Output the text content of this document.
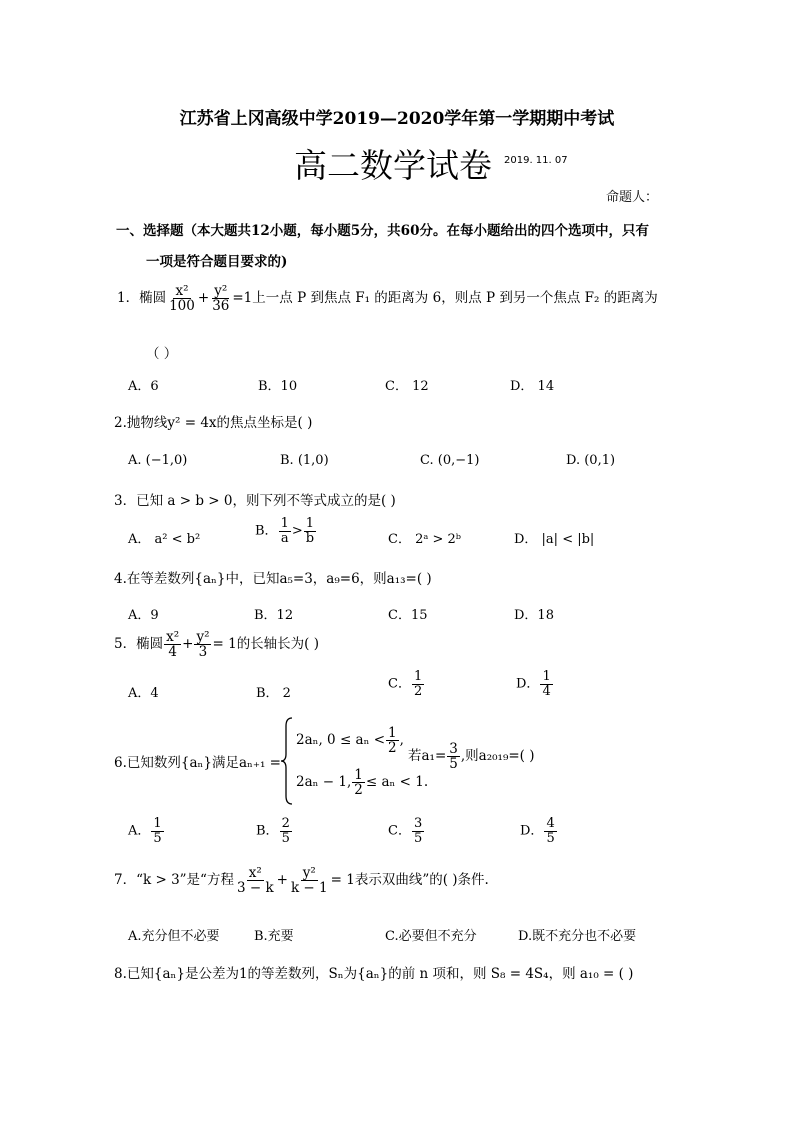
江苏省上冈高级中学2019—2020学年第一学期期中考试
高二数学试卷 2019. 11. 07
命题人：
一、选择题（本大题共12小题，每小题5分，共60分。在每小题给出的四个选项中，只有
一项是符合题目要求的)
1．椭圆 $\frac{\text{x²}}{100} + \frac{\text{y²}}{36} =1$上一点 P 到焦点 F₁ 的距离为 6，则点 P 到另一个焦点 F₂ 的距离为
（ ）
A．6	B．10	C． 12	D． 14
2.抛物线y² = 4x的焦点坐标是( )
A. (−1,0)	B. (1,0)	C. (0,−1)	D. (0,1)
3．已知 a > b > 0，则下列不等式成立的是( )
A． a² < b²
B． $\frac{1}{a} > \frac{1}{b}$	C． 2ᵃ > 2ᵇ	D． |a| < |b|
4.在等差数列{aₙ}中，已知a₅=3，a₉=6，则a₁₃=( )
A．9	B．12	C．15	D．18
5．椭圆 $\frac{\text{x²}}{4} + \frac{\text{y²}}{3} = 1$的长轴长为( )
A．4	B． 2
C． $\frac{1}{2}$	D． $\frac{1}{4}$
6.已知数列{aₙ}满足aₙ₊₁ =
2aₙ, $0 \le a_n < \frac{1}{2}$ ,
2aₙ − 1, $\frac{1}{2} \le a_n < 1$.
若$a_1= \frac{3}{5}$ ,则a₂₀₁₉=( )
A． $\frac{1}{5}$	B． $\frac{2}{5}$	C． $\frac{3}{5}$	D． $\frac{4}{5}$
7．“k > 3”是“方程 $\frac{\text{x²}}{3 - k} + \frac{\text{y²}}{k - 1} = 1$表示双曲线”的( )条件.
A.充分但不必要	B.充要	C.必要但不充分	D.既不充分也不必要
8.已知{aₙ}是公差为1的等差数列，Sₙ为{aₙ}的前 n 项和，则 S₈ = 4S₄，则 a₁₀ = ( )
